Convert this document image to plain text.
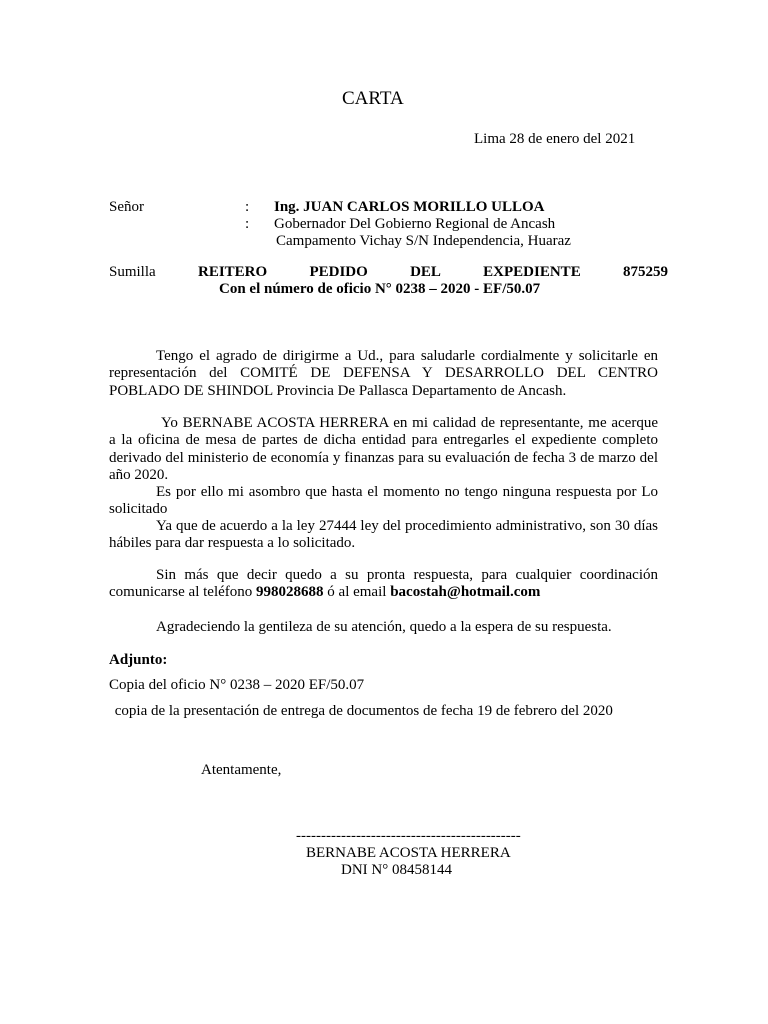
CARTA
Lima 28 de enero del 2021
Señor	: Ing. JUAN CARLOS MORILLO ULLOA
: Gobernador Del Gobierno Regional de Ancash
Campamento Vichay S/N Independencia, Huaraz
Sumilla	REITERO	PEDIDO	DEL	EXPEDIENTE	875259
Con el número de oficio N° 0238 – 2020 - EF/50.07

Tengo el agrado de dirigirme a Ud., para saludarle cordialmente y solicitarle en representación del COMITÉ DE DEFENSA Y DESARROLLO DEL CENTRO POBLADO DE SHINDOL Provincia De Pallasca Departamento de Ancash.

Yo BERNABE ACOSTA HERRERA en mi calidad de representante, me acerque a la oficina de mesa de partes de dicha entidad para entregarles el expediente completo derivado del ministerio de economía y finanzas para su evaluación de fecha 3 de marzo del año 2020.

Es por ello mi asombro que hasta el momento no tengo ninguna respuesta por Lo solicitado

Ya que de acuerdo a la ley 27444 ley del procedimiento administrativo, son 30 días hábiles para dar respuesta a lo solicitado.

Sin más que decir quedo a su pronta respuesta, para cualquier coordinación comunicarse al teléfono 998028688 ó al email bacostah@hotmail.com

Agradeciendo la gentileza de su atención, quedo a la espera de su respuesta.

Adjunto:
Copia del oficio N° 0238 – 2020 EF/50.07
copia de la presentación de entrega de documentos de fecha 19 de febrero del 2020
Atentamente,
---------------------------------------------
BERNABE ACOSTA HERRERA
DNI N° 08458144
